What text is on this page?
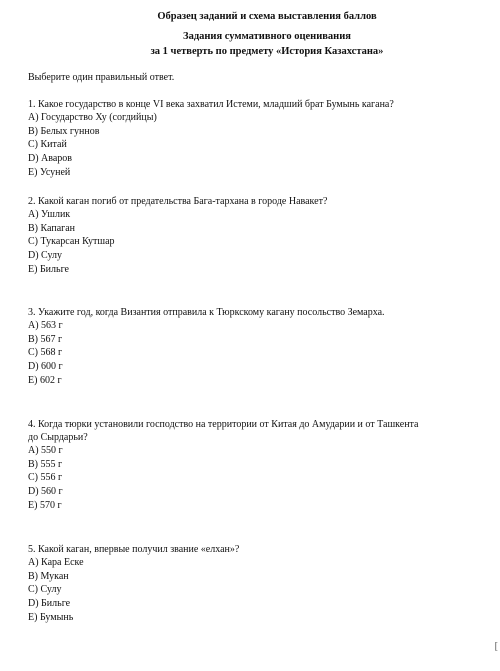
Образец заданий и схема выставления баллов
Задания суммативного оценивания
за 1 четверть по предмету «История Казахстана»
Выберите один правильный ответ.
1. Какое государство в конце VI века захватил Истеми, младший брат Бумынь кагана?
А) Государство Ху (согдийцы)
В) Белых гуннов
С) Китай
D) Аваров
Е) Усуней
2. Какой каган погиб от предательства Бага-тархана в городе Навакет?
А) Ушлик
В) Капаган
С) Тукарсан Кутшар
D) Сулу
Е) Бильге
3. Укажите год, когда Византия отправила к Тюркскому кагану посольство Земарха.
А) 563 г
В) 567 г
С) 568 г
D) 600 г
Е) 602 г
4. Когда тюрки установили господство на территории от Китая до Амударии и от Ташкента
до Сырдарьи?
А) 550 г
В) 555 г
С) 556 г
D) 560 г
Е) 570 г
5. Какой каган, впервые получил звание «елхан»?
А) Кара Еске
В) Мукан
С) Сулу
D) Бильге
Е) Бумынь
[
